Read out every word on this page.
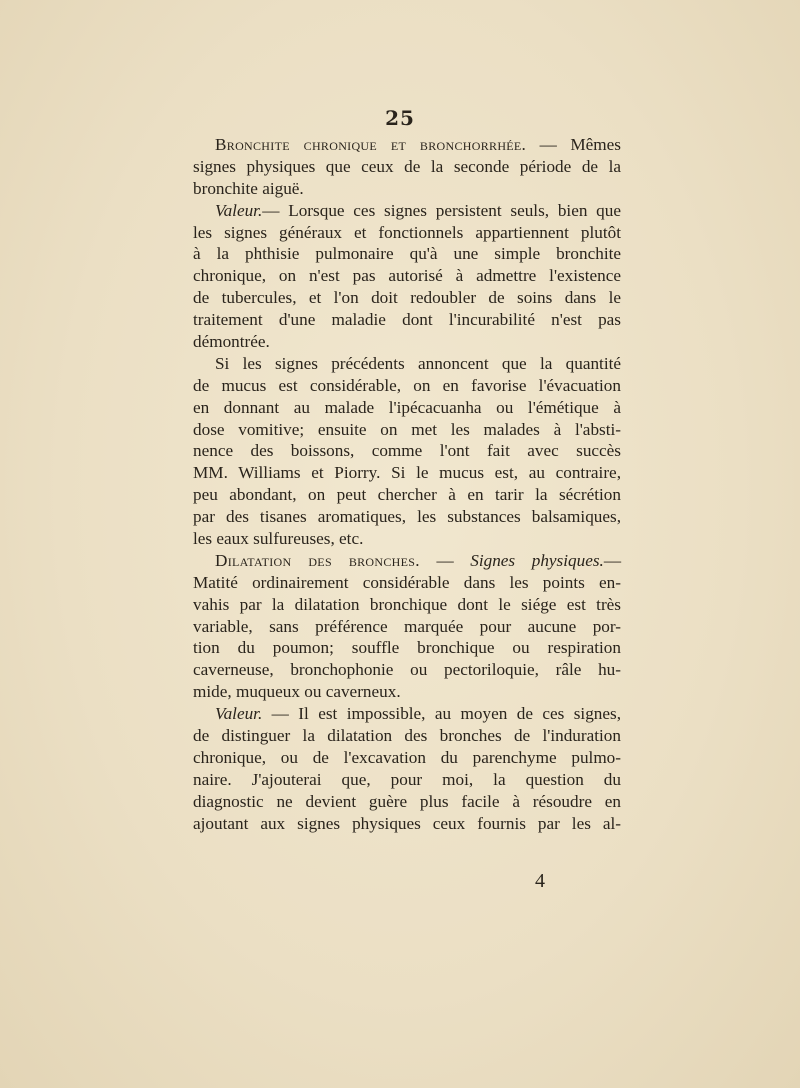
25
Bronchite chronique et bronchorrhée. — Mêmes
signes physiques que ceux de la seconde période de la
bronchite aiguë.
Valeur.— Lorsque ces signes persistent seuls, bien que
les signes généraux et fonctionnels appartiennent plutôt
à la phthisie pulmonaire qu'à une simple bronchite
chronique, on n'est pas autorisé à admettre l'existence
de tubercules, et l'on doit redoubler de soins dans le
traitement d'une maladie dont l'incurabilité n'est pas
démontrée.
Si les signes précédents annoncent que la quantité
de mucus est considérable, on en favorise l'évacuation
en donnant au malade l'ipécacuanha ou l'émétique à
dose vomitive; ensuite on met les malades à l'absti-
nence des boissons, comme l'ont fait avec succès
MM. Williams et Piorry. Si le mucus est, au contraire,
peu abondant, on peut chercher à en tarir la sécrétion
par des tisanes aromatiques, les substances balsamiques,
les eaux sulfureuses, etc.
Dilatation des bronches. — Signes physiques.—
Matité ordinairement considérable dans les points en-
vahis par la dilatation bronchique dont le siége est très
variable, sans préférence marquée pour aucune por-
tion du poumon; souffle bronchique ou respiration
caverneuse, bronchophonie ou pectoriloquie, râle hu-
mide, muqueux ou caverneux.
Valeur. — Il est impossible, au moyen de ces signes,
de distinguer la dilatation des bronches de l'induration
chronique, ou de l'excavation du parenchyme pulmo-
naire. J'ajouterai que, pour moi, la question du
diagnostic ne devient guère plus facile à résoudre en
ajoutant aux signes physiques ceux fournis par les al-
4
